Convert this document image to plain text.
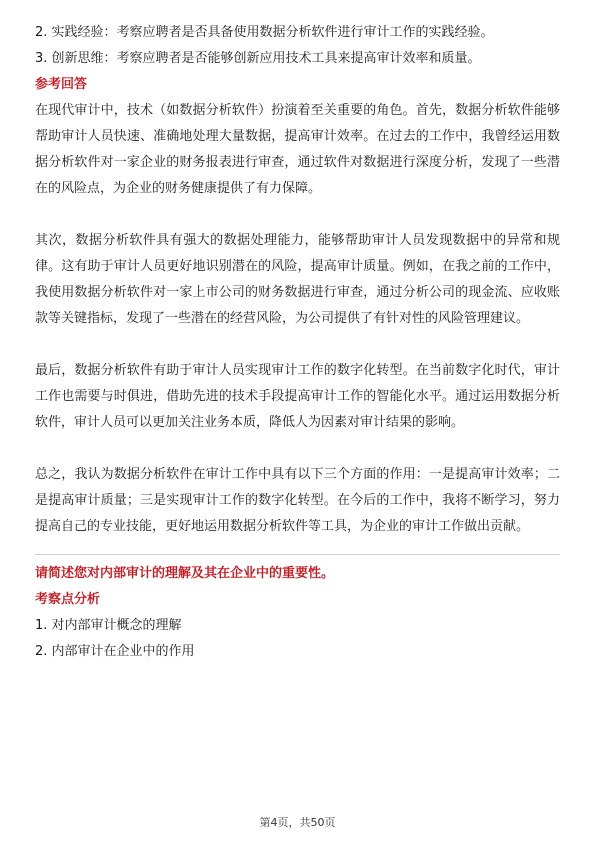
2. 实践经验：考察应聘者是否具备使用数据分析软件进行审计工作的实践经验。
3. 创新思维：考察应聘者是否能够创新应用技术工具来提高审计效率和质量。
参考回答
在现代审计中，技术（如数据分析软件）扮演着至关重要的角色。首先，数据分析软件能够帮助审计人员快速、准确地处理大量数据，提高审计效率。在过去的工作中，我曾经运用数据分析软件对一家企业的财务报表进行审查，通过软件对数据进行深度分析，发现了一些潜在的风险点，为企业的财务健康提供了有力保障。
其次，数据分析软件具有强大的数据处理能力，能够帮助审计人员发现数据中的异常和规律。这有助于审计人员更好地识别潜在的风险，提高审计质量。例如，在我之前的工作中，我使用数据分析软件对一家上市公司的财务数据进行审查，通过分析公司的现金流、应收账款等关键指标，发现了一些潜在的经营风险，为公司提供了有针对性的风险管理建议。
最后，数据分析软件有助于审计人员实现审计工作的数字化转型。在当前数字化时代，审计工作也需要与时俱进，借助先进的技术手段提高审计工作的智能化水平。通过运用数据分析软件，审计人员可以更加关注业务本质，降低人为因素对审计结果的影响。
总之，我认为数据分析软件在审计工作中具有以下三个方面的作用：一是提高审计效率；二是提高审计质量；三是实现审计工作的数字化转型。在今后的工作中，我将不断学习，努力提高自己的专业技能，更好地运用数据分析软件等工具，为企业的审计工作做出贡献。
请简述您对内部审计的理解及其在企业中的重要性。
考察点分析
1. 对内部审计概念的理解
2. 内部审计在企业中的作用
第4页，共50页
